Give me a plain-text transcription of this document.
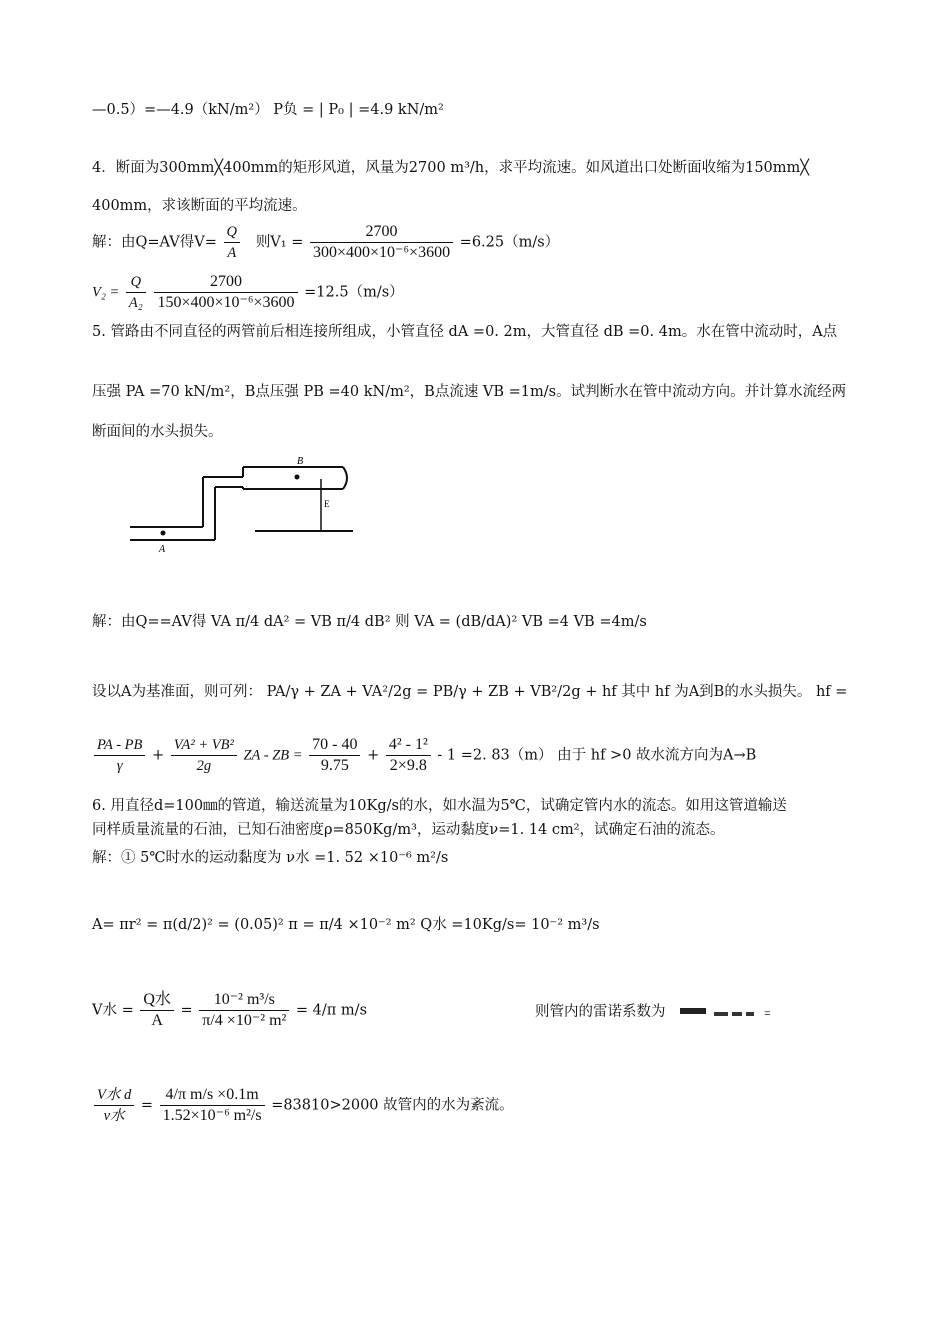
—0.5）=—4.9（kN/m²） P负 = | P₀ | =4.9 kN/m²
4．断面为300mm╳400mm的矩形风道，风量为2700 m³/h，求平均流速。如风道出口处断面收缩为150mm╳
400mm，求该断面的平均流速。
解：由Q=AV得$V= \frac{Q}{A}$ 则$V_1 = \frac{2700}{\text{300×400×10⁻⁶×3600}} =6.25(m/s)$
$V_2 = \frac{Q}{\text{A₂}}$
$\frac{2700}{\text{150×400×10⁻⁶×3600}} =12.5(m/s)$
5. 管路由不同直径的两管前后相连接所组成，小管直径 dA =0. 2m，大管直径 dB =0. 4m。水在管中流动时，A点
压强 PA =70 kN/m²，B点压强 PB =40 kN/m²，B点流速 VB =1m/s。试判断水在管中流动方向。并计算水流经两
断面间的水头损失。
A
B
E
解：由Q==AV得 VA π/4 dA² = VB π/4 dB² 则 VA = (dB/dA)² VB =4 VB =4m/s
设以A为基准面，则可列： PA/γ + ZA + VA²/2g = PB/γ + ZB + VB²/2g + hf 其中 hf 为A到B的水头损失。 hf =
$\frac{PA - PB}{\gamma} + \frac{\text{VA² + VB²}}{2g}$ ZA - ZB = $\frac{70 - 40}{9.75} + \frac{\text{4² - 1²}}{2\times 9.8} - 1 =2$. 83（m） 由于 hf >0 故水流方向为A→B
6. 用直径d=100㎜的管道，输送流量为10Kg/s的水，如水温为5℃，试确定管内水的流态。如用这管道输送
同样质量流量的石油，已知石油密度ρ=850Kg/m³，运动黏度ν=1. 14 cm²，试确定石油的流态。
解：① 5℃时水的运动黏度为 ν水 =1. 52 ×10⁻⁶ m²/s
A= πr² = π(d/2)² = (0.05)² π = π/4 ×10⁻² m² Q水 =10Kg/s= 10⁻² m³/s
V水 = $\frac{\text{Q水}}{A} = \frac{\text{10⁻² m³/s}}{\text{π/4 ×10⁻² m²}} = 4/\pi$ m/s	则管内的雷诺系数为	=
$\frac{\text{V水 d}}{\text{ν水}} = \frac{\text{4/π m/s ×0.1m}}{\text{1.52×10⁻⁶ m²/s}} =83810>2000$ 故管内的水为紊流。
